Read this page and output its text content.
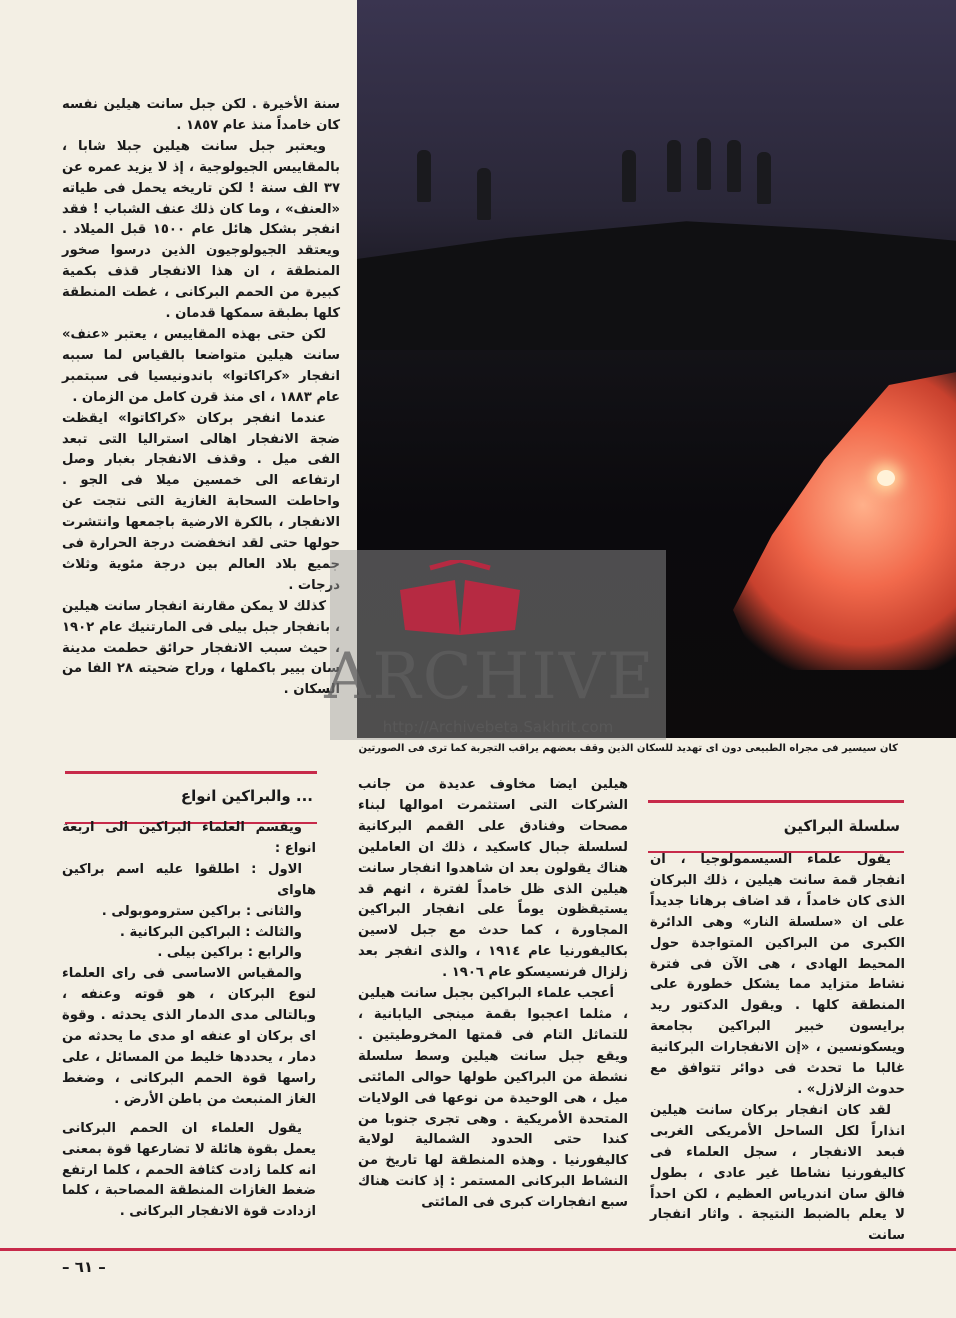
كان سيسير فى مجراه الطبيعى دون اى تهديد للسكان الذين وقف بعضهم يراقب التجربة كما ترى فى الصورتين

سنة الأخيرة . لكن جبل سانت هيلين نفسه كان خامداً منذ عام ١٨٥٧ .

ويعتبر جبل سانت هيلين جبلا شابا ، بالمقاييس الجيولوجية ، إذ لا يزيد عمره عن ٣٧ الف سنة ! لكن تاريخه يحمل فى طياته «العنف» ، وما كان ذلك عنف الشباب ! فقد انفجر بشكل هائل عام ١٥٠٠ قبل الميلاد . ويعتقد الجيولوجيون الذين درسوا صخور المنطقة ، ان هذا الانفجار قذف بكمية كبيرة من الحمم البركانى ، غطت المنطقة كلها بطبقة سمكها قدمان .

لكن حتى بهذه المقاييس ، يعتبر «عنف» سانت هيلين متواضعا بالقياس لما سببه انفجار «كراكاتوا» باندونيسيا فى سبتمبر عام ١٨٨٣ ، اى منذ قرن كامل من الزمان .

عندما انفجر بركان «كراكاتوا» ايقظت ضجة الانفجار اهالى استراليا التى تبعد الفى ميل . وقذف الانفجار بغبار وصل ارتفاعه الى خمسين ميلا فى الجو . واحاطت السحابة الغازية التى نتجت عن الانفجار ، بالكرة الارضية باجمعها وانتشرت حولها حتى لقد انخفضت درجة الحرارة فى جميع بلاد العالم بين درجة مئوية وثلاث درجات .

كذلك لا يمكن مقارنة انفجار سانت هيلين ، بانفجار جبل بيلى فى المارتنيك عام ١٩٠٢ ، حيث سبب الانفجار حرائق حطمت مدينة سان بيير باكملها ، وراح ضحيته ٢٨ الفا من السكان .

سلسلة البراكين

يقول علماء السيسمولوجيا ، ان انفجار قمة سانت هيلين ، ذلك البركان الذى كان خامداً ، قد اضاف برهانا جديداً على ان «سلسلة النار» وهى الدائرة الكبرى من البراكين المتواجدة حول المحيط الهادى ، هى الآن فى فترة نشاط متزايد مما يشكل خطورة على المنطقة كلها . ويقول الدكتور ريد برايسون خبير البراكين بجامعة ويسكونسين ، «إن الانفجارات البركانية غالبا ما تحدث فى دوائر تتوافق مع حدوث الزلازل» .

لقد كان انفجار بركان سانت هيلين انذاراً لكل الساحل الأمريكى الغربى فبعد الانفجار ، سجل العلماء فى كاليفورنيا نشاطا غير عادى ، بطول فالق سان اندرياس العظيم ، لكن احداً لا يعلم بالضبط النتيجة . واثار انفجار سانت

هيلين ايضا مخاوف عديدة من جانب الشركات التى استثمرت اموالها لبناء مصحات وفنادق على القمم البركانية لسلسلة جبال كاسكيد ، ذلك ان العاملين هناك يقولون بعد ان شاهدوا انفجار سانت هيلين الذى ظل خامداً لفترة ، انهم قد يستيقظون يوماً على انفجار البراكين المجاورة ، كما حدث مع جبل لاسين بكاليفورنيا عام ١٩١٤ ، والذى انفجر بعد زلزال فرنسيسكو عام ١٩٠٦ .

أعجب علماء البراكين بجبل سانت هيلين ، مثلما اعجبوا بقمة مينجى اليابانية ، للتماثل التام فى قمتها المخروطيتين . ويقع جبل سانت هيلين وسط سلسلة نشطة من البراكين طولها حوالى المائتى ميل ، هى الوحيدة من نوعها فى الولايات المتحدة الأمريكية . وهى تجرى جنوبا من كندا حتى الحدود الشمالية لولاية كاليفورنيا . وهذه المنطقة لها تاريخ من النشاط البركانى المستمر : إذ كانت هناك سبع انفجارات كبرى فى المائتى

... والبراكين انواع

ويقسم العلماء البراكين الى اربعة انواع :

الاول : اطلقوا عليه اسم براكين هاواى

والثانى : براكين ستروموبولى .

والثالث : البراكين البركانية .

والرابع : براكين بيلى .

والمقياس الاساسى فى راى العلماء لنوع البركان ، هو قوته وعنفه ، وبالتالى مدى الدمار الذى يحدثه . وقوة اى بركان او عنفه او مدى ما يحدثه من دمار ، يحددها خليط من المسائل ، على راسها قوة الحمم البركانى ، وضغط الغاز المنبعث من باطن الأرض .

يقول العلماء ان الحمم البركانى يعمل بقوة هائلة لا تضارعها قوة بمعنى انه كلما زادت كثافة الحمم ، كلما ارتفع ضغط الغازات المنطقة المصاحبة ، كلما ازدادت قوة الانفجار البركانى .

– ٦١ –
ARCHIVE
http://Archivebeta.Sakhrit.com
